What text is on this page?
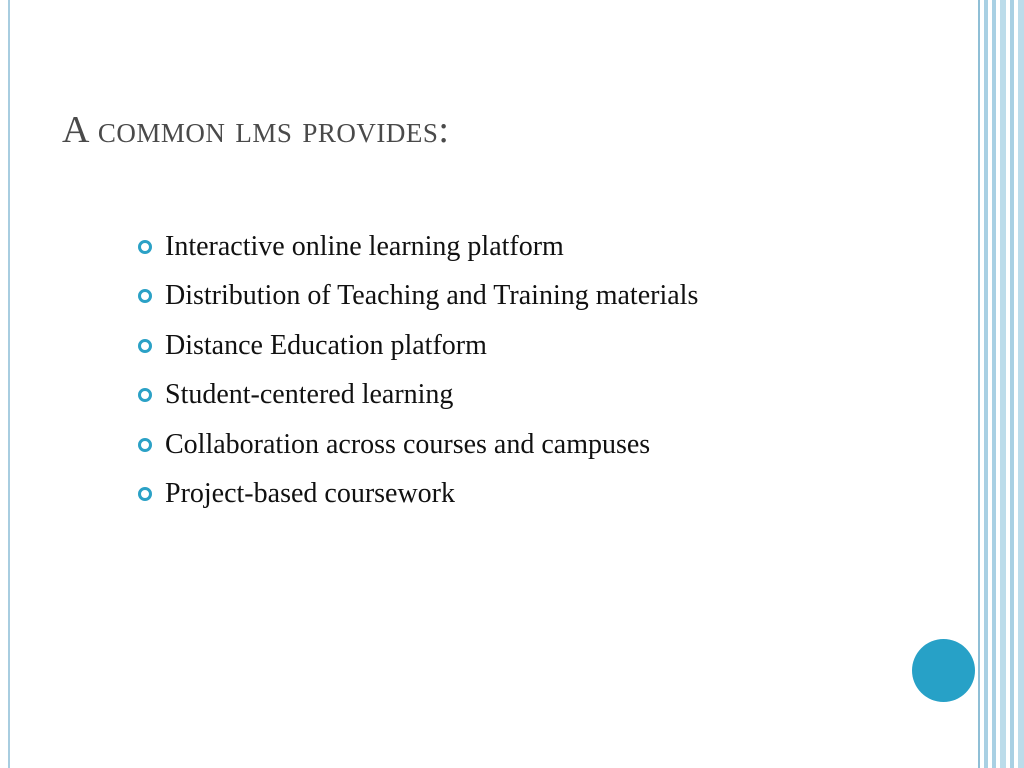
A common lms provides:
Interactive online learning platform
Distribution of Teaching and Training materials
Distance Education platform
Student-centered learning
Collaboration across courses and campuses
Project-based coursework
